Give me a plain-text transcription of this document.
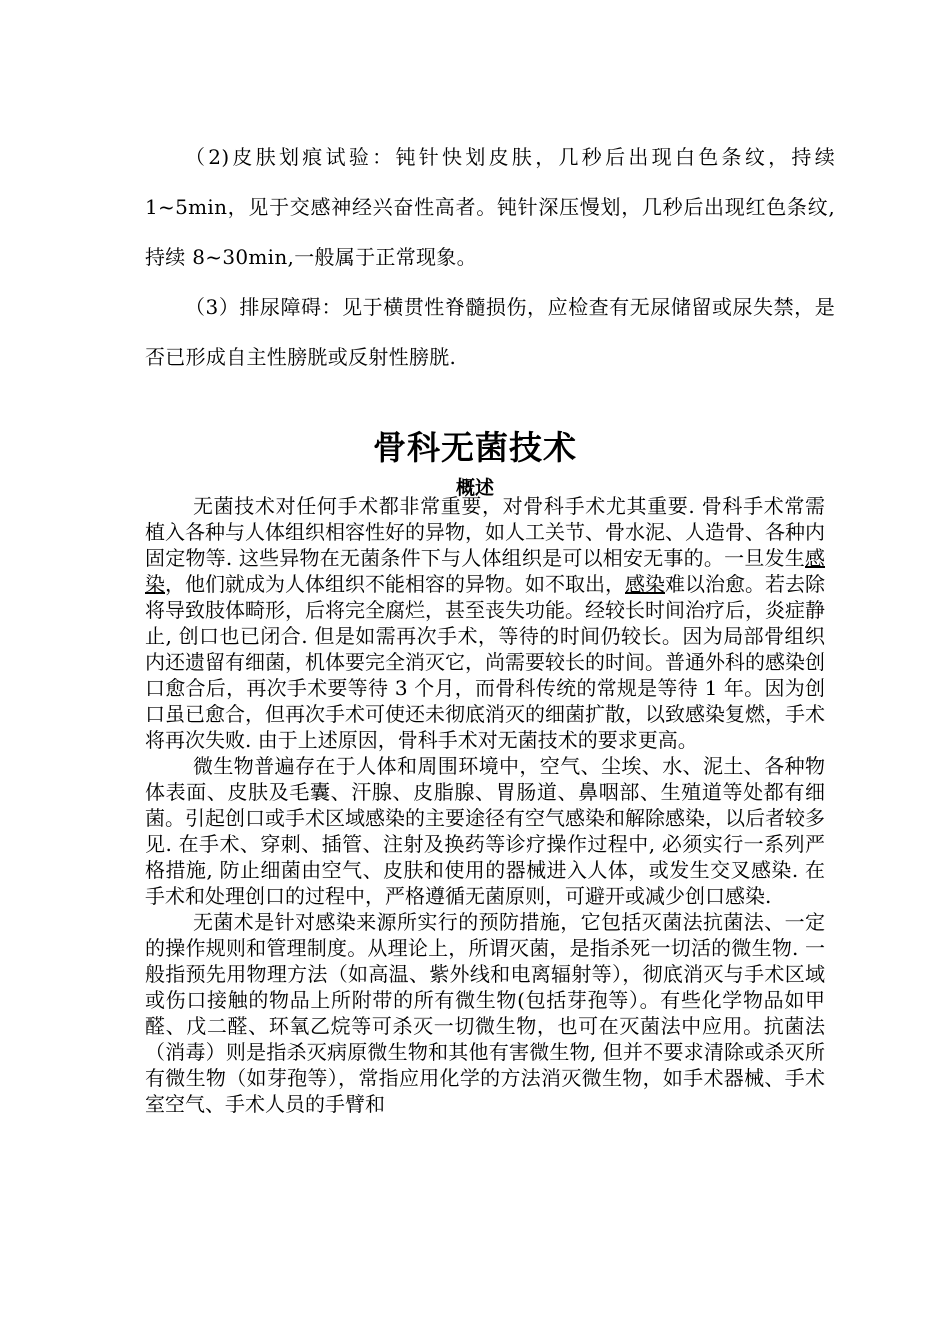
（2)皮肤划痕试验：钝针快划皮肤，几秒后出现白色条纹，持续 1~5min，见于交感神经兴奋性高者。钝针深压慢划，几秒后出现红色条纹,持续 8~30min,一般属于正常现象。

（3）排尿障碍：见于横贯性脊髓损伤，应检查有无尿储留或尿失禁，是否已形成自主性膀胱或反射性膀胱.

骨科无菌技术
概述

无菌技术对任何手术都非常重要，对骨科手术尤其重要. 骨科手术常需植入各种与人体组织相容性好的异物，如人工关节、骨水泥、人造骨、各种内固定物等. 这些异物在无菌条件下与人体组织是可以相安无事的。一旦发生感染，他们就成为人体组织不能相容的异物。如不取出，感染难以治愈。若去除将导致肢体畸形，后将完全腐烂，甚至丧失功能。经较长时间治疗后，炎症静止, 创口也已闭合. 但是如需再次手术，等待的时间仍较长。因为局部骨组织内还遗留有细菌，机体要完全消灭它，尚需要较长的时间。普通外科的感染创口愈合后，再次手术要等待 3 个月，而骨科传统的常规是等待 1 年。因为创口虽已愈合，但再次手术可使还未彻底消灭的细菌扩散，以致感染复燃，手术将再次失败. 由于上述原因，骨科手术对无菌技术的要求更高。

微生物普遍存在于人体和周围环境中，空气、尘埃、水、泥土、各种物体表面、皮肤及毛囊、汗腺、皮脂腺、胃肠道、鼻咽部、生殖道等处都有细菌。引起创口或手术区域感染的主要途径有空气感染和解除感染，以后者较多见. 在手术、穿刺、插管、注射及换药等诊疗操作过程中, 必须实行一系列严格措施, 防止细菌由空气、皮肤和使用的器械进入人体，或发生交叉感染. 在手术和处理创口的过程中，严格遵循无菌原则，可避开或减少创口感染.

无菌术是针对感染来源所实行的预防措施，它包括灭菌法抗菌法、一定的操作规则和管理制度。从理论上，所谓灭菌，是指杀死一切活的微生物. 一般指预先用物理方法（如高温、紫外线和电离辐射等），彻底消灭与手术区域或伤口接触的物品上所附带的所有微生物(包括芽孢等）。有些化学物品如甲醛、戊二醛、环氧乙烷等可杀灭一切微生物，也可在灭菌法中应用。抗菌法（消毒）则是指杀灭病原微生物和其他有害微生物, 但并不要求清除或杀灭所有微生物（如芽孢等），常指应用化学的方法消灭微生物，如手术器械、手术室空气、手术人员的手臂和
